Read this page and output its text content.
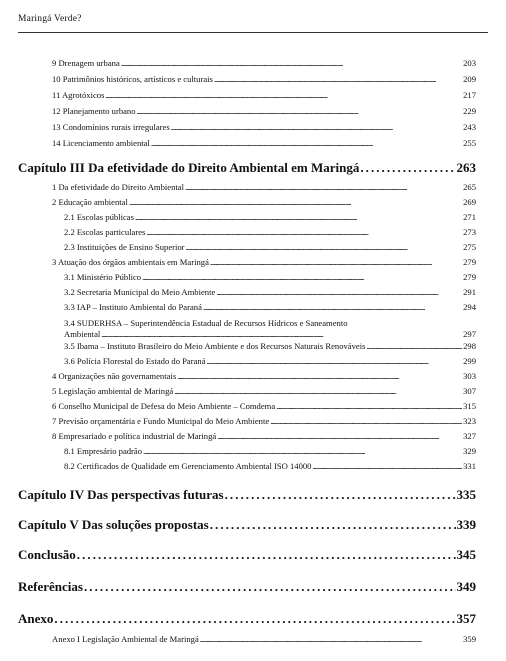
Maringá Verde?
9 Drenagem urbana . . .	203
10 Patrimônios históricos, artísticos e culturais . . .	209
11 Agrotóxicos . . .	217
12 Planejamento urbano . . .	229
13 Condomínios rurais irregulares . . .	243
14 Licenciamento ambiental . . .	255
Capítulo III Da efetividade do Direito Ambiental em Maringá . . .	263
1 Da efetividade do Direito Ambiental . . .	265
2 Educação ambiental . . .	269
2.1 Escolas públicas . . .	271
2.2 Escolas particulares . . .	273
2.3 Instituições de Ensino Superior . . .	275
3 Atuação dos órgãos ambientais em Maringá . . .	279
3.1 Ministério Público . . .	279
3.2 Secretaria Municipal do Meio Ambiente . . .	291
3.3 IAP – Instituto Ambiental do Paraná . . .	294
3.4 SUDERHSA – Superintendência Estadual de Recursos Hídricos e Saneamento
Ambiental . . .	297
3.5 Ibama – Instituto Brasileiro do Meio Ambiente e dos Recursos Naturais Renováveis . . .	298
3.6 Polícia Florestal do Estado do Paraná . . .	299
4 Organizações não governamentais . . .	303
5 Legislação ambiental de Maringá . . .	307
6 Conselho Municipal de Defesa do Meio Ambiente – Comdema . . .	315
7 Previsão orçamentária e Fundo Municipal do Meio Ambiente . . .	323
8 Empresariado e política industrial de Maringá . . .	327
8.1 Empresário padrão . . .	329
8.2 Certificados de Qualidade em Gerenciamento Ambiental ISO 14000 . . .	331
Capítulo IV Das perspectivas futuras . . .	335
Capítulo V Das soluções propostas . . .	339
Conclusão . . .	345
Referências . . .	349
Anexo . . .	357
Anexo I Legislação Ambiental de Maringá . . .	359
